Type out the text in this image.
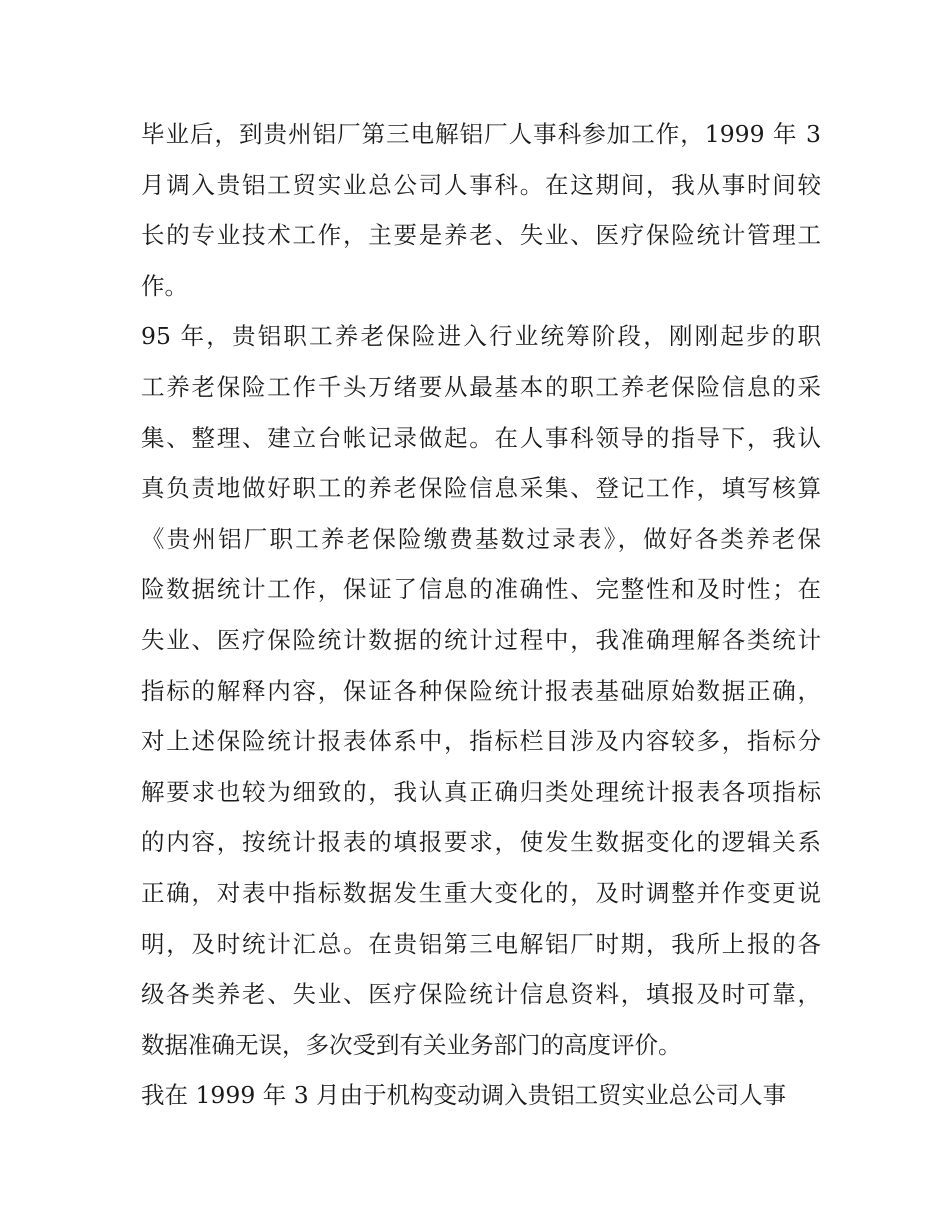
毕业后，到贵州铝厂第三电解铝厂人事科参加工作，1999 年 3
月调入贵铝工贸实业总公司人事科。在这期间，我从事时间较
长的专业技术工作，主要是养老、失业、医疗保险统计管理工
作。
95 年，贵铝职工养老保险进入行业统筹阶段，刚刚起步的职
工养老保险工作千头万绪要从最基本的职工养老保险信息的采
集、整理、建立台帐记录做起。在人事科领导的指导下，我认
真负责地做好职工的养老保险信息采集、登记工作，填写核算
《贵州铝厂职工养老保险缴费基数过录表》，做好各类养老保
险数据统计工作，保证了信息的准确性、完整性和及时性；在
失业、医疗保险统计数据的统计过程中，我准确理解各类统计
指标的解释内容，保证各种保险统计报表基础原始数据正确，
对上述保险统计报表体系中，指标栏目涉及内容较多，指标分
解要求也较为细致的，我认真正确归类处理统计报表各项指标
的内容，按统计报表的填报要求，使发生数据变化的逻辑关系
正确，对表中指标数据发生重大变化的，及时调整并作变更说
明，及时统计汇总。在贵铝第三电解铝厂时期，我所上报的各
级各类养老、失业、医疗保险统计信息资料，填报及时可靠，
数据准确无误，多次受到有关业务部门的高度评价。
我在 1999 年 3 月由于机构变动调入贵铝工贸实业总公司人事
